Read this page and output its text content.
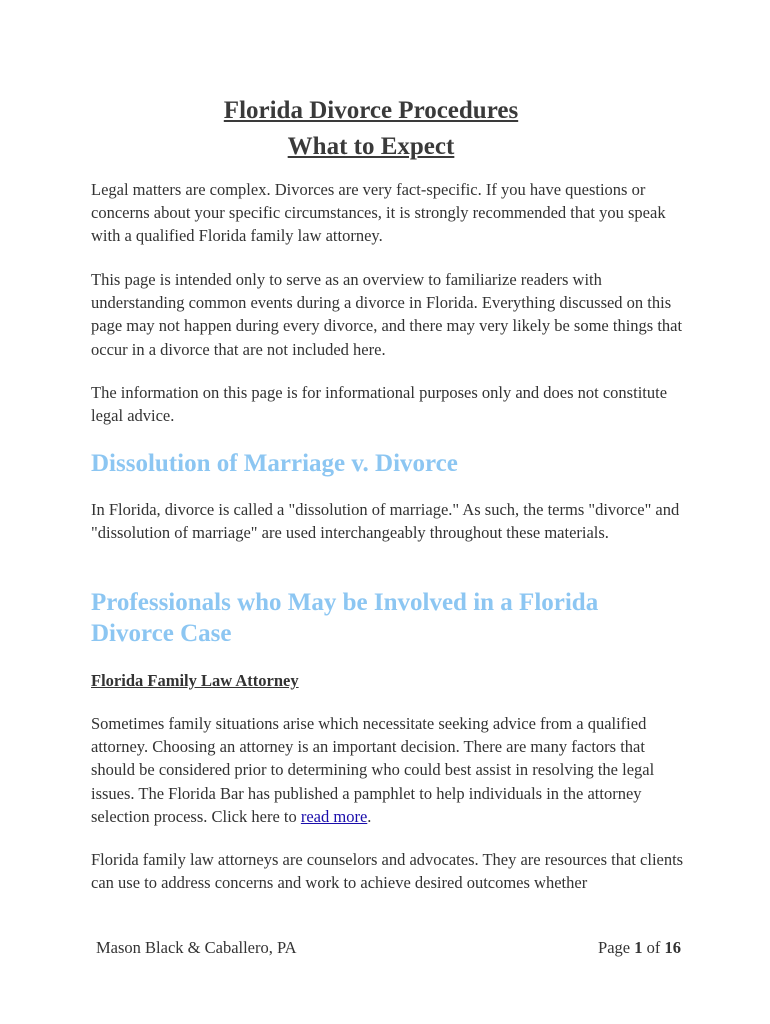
Florida Divorce Procedures
What to Expect

Legal matters are complex. Divorces are very fact-specific. If you have questions or concerns about your specific circumstances, it is strongly recommended that you speak with a qualified Florida family law attorney.

This page is intended only to serve as an overview to familiarize readers with understanding common events during a divorce in Florida. Everything discussed on this page may not happen during every divorce, and there may very likely be some things that occur in a divorce that are not included here.

The information on this page is for informational purposes only and does not constitute legal advice.

Dissolution of Marriage v. Divorce

In Florida, divorce is called a "dissolution of marriage." As such, the terms "divorce" and "dissolution of marriage" are used interchangeably throughout these materials.

Professionals who May be Involved in a Florida Divorce Case
Florida Family Law Attorney

Sometimes family situations arise which necessitate seeking advice from a qualified attorney. Choosing an attorney is an important decision. There are many factors that should be considered prior to determining who could best assist in resolving the legal issues. The Florida Bar has published a pamphlet to help individuals in the attorney selection process. Click here to read more.

Florida family law attorneys are counselors and advocates. They are resources that clients can use to address concerns and work to achieve desired outcomes whether

Mason Black & Caballero, PA	Page 1 of 16
